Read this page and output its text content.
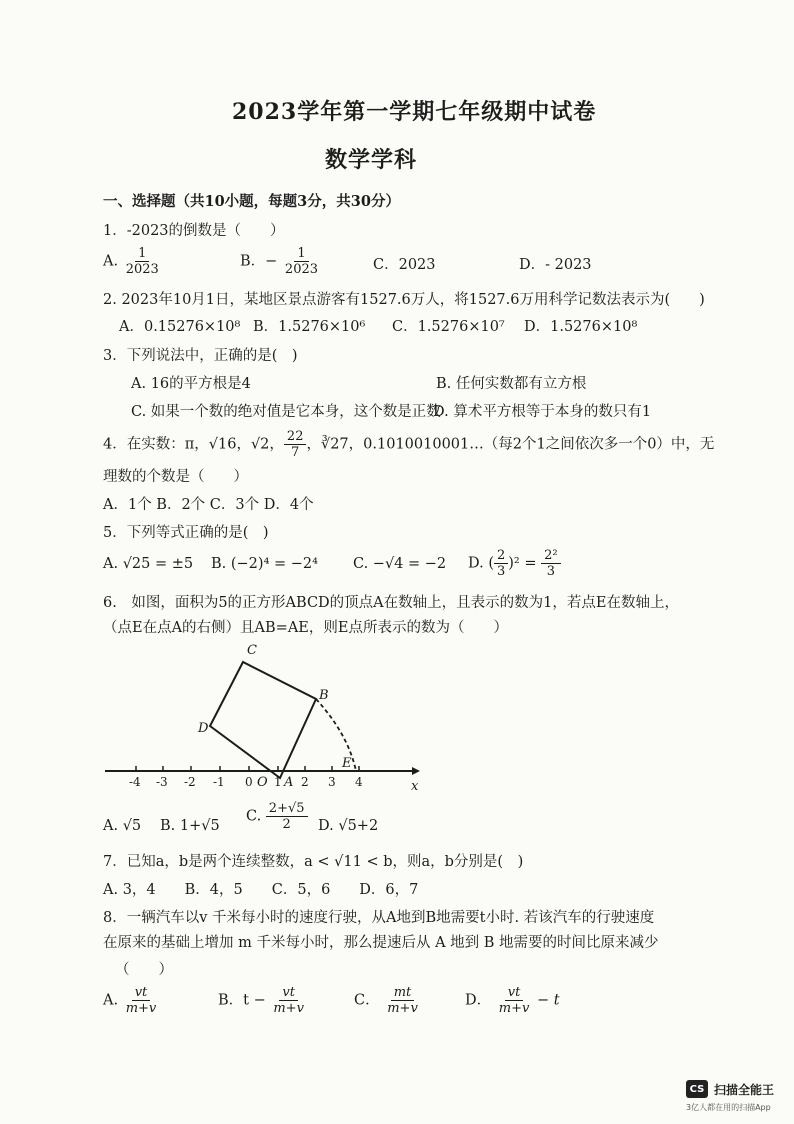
2023学年第一学期七年级期中试卷
数学学科
一、选择题（共10小题，每题3分，共30分）
1．-2023的倒数是（　　）
A. $\frac{1}{2023}$	B．− $\frac{1}{2023}$	C．2023	D．- 2023
2. 2023年10月1日，某地区景点游客有1527.6万人，将1527.6万用科学记数法表示为(　　)
A．0.15276×10⁸ B．1.5276×10⁶ C．1.5276×10⁷ D．1.5276×10⁸
3．下列说法中，正确的是(　)
A. 16的平方根是4	B. 任何实数都有立方根
C. 如果一个数的绝对值是它本身，这个数是正数
D. 算术平方根等于本身的数只有1
4．在实数：π，√16，√2， $\frac{22}{7}$ ，∛27，0.1010010001…（每2个1之间依次多一个0）中，无
理数的个数是（　　）
A．1个 B．2个 C．3个 D．4个
5．下列等式正确的是(　)
A. √25 = ±5 B. (−2)⁴ = −2⁴ C. −√4 = −2 D. ( $\frac{2}{3} )^2 = \frac{\text{2²}}{3}$
6.　如图，面积为5的正方形ABCD的顶点A在数轴上，且表示的数为1，若点E在数轴上，
（点E在点A的右侧）且AB=AE，则E点所表示的数为（　　）
-4 -3 -2 -1 0 1 2 3 4
C
B
D
A
E
O	x
A. √5 B. 1+√5
C. $\frac{2+√5}{2} D$. √5+2
7．已知a，b是两个连续整数，a < √11 < b，则a，b分别是(　)
A. 3，4　　B．4，5　　C．5，6　　D．6，7
8．一辆汽车以v 千米每小时的速度行驶，从A地到B地需要t小时. 若该汽车的行驶速度
在原来的基础上增加 m 千米每小时，那么提速后从 A 地到 B 地需要的时间比原来减少
（　　）
A. $\frac{vt}{m+v}$	B．$t - \frac{vt}{m+v}$	C． $\frac{mt}{m+v}$	D． $\frac{vt}{m+v} - t$
CS 扫描全能王
3亿人都在用的扫描App
